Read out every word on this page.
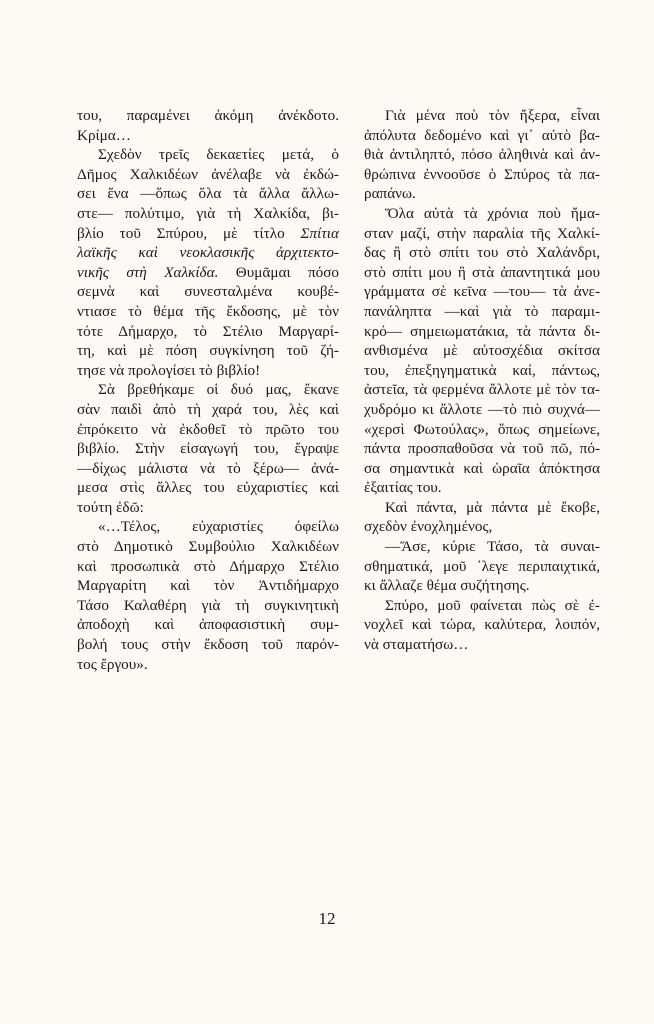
του, παραμένει ἀκόμη ἀνέκδοτο.
Κρίμα…
Σχεδὸν τρεῖς δεκαετίες μετά, ὁ
Δῆμος Χαλκιδέων ἀνέλαβε νὰ ἐκδώ-
σει ἕνα —ὅπως ὅλα τὰ ἄλλα ἄλλω-
στε— πολύτιμο, γιὰ τὴ Χαλκίδα, βι-
βλίο τοῦ Σπύρου, μὲ τίτλο Σπίτια
λαϊκῆς καὶ νεοκλασικῆς ἀρχιτεκτο-
νικῆς στὴ Χαλκίδα. Θυμᾶμαι πόσο
σεμνὰ καὶ συνεσταλμένα κουβέ-
ντιασε τὸ θέμα τῆς ἔκδοσης, μὲ τὸν
τότε Δήμαρχο, τὸ Στέλιο Μαργαρί-
τη, καὶ μὲ πόση συγκίνηση τοῦ ζή-
τησε νὰ προλογίσει τὸ βιβλίο!
Σὰ βρεθήκαμε οἱ δυό μας, ἔκανε
σὰν παιδὶ ἀπὸ τὴ χαρά του, λὲς καὶ
ἐπρόκειτο νὰ ἐκδοθεῖ τὸ πρῶτο του
βιβλίο. Στὴν εἰσαγωγή του, ἔγραψε
—δίχως μάλιστα νὰ τὸ ξέρω— ἀνά-
μεσα στὶς ἄλλες του εὐχαριστίες καὶ
τούτη ἐδῶ:
«…Τέλος, εὐχαριστίες ὀφείλω
στὸ Δημοτικὸ Συμβούλιο Χαλκιδέων
καὶ προσωπικὰ στὸ Δήμαρχο Στέλιο
Μαργαρίτη καὶ τὸν Ἀντιδήμαρχο
Τάσο Καλαθέρη γιὰ τὴ συγκινητικὴ
ἀποδοχὴ καὶ ἀποφασιστικὴ συμ-
βολή τους στὴν ἔκδοση τοῦ παρόν-
τος ἔργου».
Γιὰ μένα ποὺ τὸν ἤξερα, εἶναι
ἀπόλυτα δεδομένο καὶ γι᾿ αὐτὸ βα-
θιὰ ἀντιληπτό, πόσο ἀληθινὰ καὶ ἀν-
θρώπινα ἐννοοῦσε ὁ Σπύρος τὰ πα-
ραπάνω.
Ὅλα αὐτὰ τὰ χρόνια ποὺ ἤμα-
σταν μαζί, στὴν παραλία τῆς Χαλκί-
δας ἢ στὸ σπίτι του στὸ Χαλάνδρι,
στὸ σπίτι μου ἢ στὰ ἀπαντητικά μου
γράμματα σὲ κεῖνα —του— τὰ ἀνε-
πανάληπτα —καὶ γιὰ τὸ παραμι-
κρό— σημειωματάκια, τὰ πάντα δι-
ανθισμένα μὲ αὐτοσχέδια σκίτσα
του, ἐπεξηγηματικὰ καί, πάντως,
ἀστεῖα, τὰ φερμένα ἄλλοτε μὲ τὸν τα-
χυδρόμο κι ἄλλοτε —τὸ πιὸ συχνά—
«χερσὶ Φωτούλας», ὅπως σημείωνε,
πάντα προσπαθοῦσα νὰ τοῦ πῶ, πό-
σα σημαντικὰ καὶ ὡραῖα ἀπόκτησα
ἐξαιτίας του.
Καὶ πάντα, μὰ πάντα μὲ ἔκοβε,
σχεδὸν ἐνοχλημένος,
—Ἄσε, κύριε Τάσο, τὰ συναι-
σθηματικά, μοῦ ᾿λεγε περιπαιχτικά,
κι ἄλλαζε θέμα συζήτησης.
Σπύρο, μοῦ φαίνεται πὼς σὲ ἐ-
νοχλεῖ καὶ τώρα, καλύτερα, λοιπόν,
νὰ σταματήσω…
12
